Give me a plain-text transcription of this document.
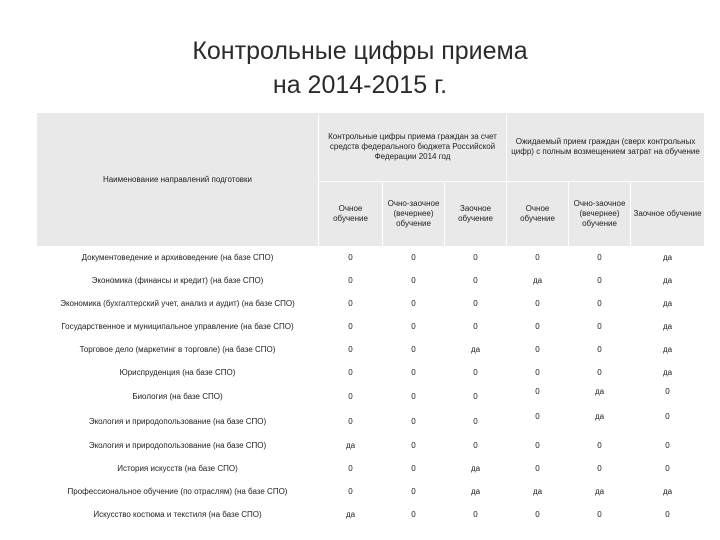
Контрольные цифры приема
на 2014-2015 г.
Наименование направлений подготовки	Контрольные цифры приема граждан за счет средств федерального бюджета Российской Федерации 2014 год			Ожидаемый прием граждан (сверх контрольных цифр) с полным возмещением затрат на обучение		
	Очное обучение	Очно-заочное (вечернее) обучение	Заочное обучение	Очное обучение	Очно-заочное (вечернее) обучение	Заочное обучение
Документоведение и архивоведение (на базе СПО)	0	0	0	0	0	да
Экономика (финансы и кредит) (на базе СПО)	0	0	0	да	0	да
Экономика (бухгалтерский учет, анализ и аудит) (на базе СПО)	0	0	0	0	0	да
Государственное и муниципальное управление (на базе СПО)	0	0	0	0	0	да
Торговое дело (маркетинг в торговле) (на базе СПО)	0	0	да	0	0	да
Юриспруденция (на базе СПО)	0	0	0	0	0	да
Биология (на базе СПО)	0	0	0	0	да	0
Экология и природопользование (на базе СПО)	0	0	0	0	да	0
Экология и природопользование (на базе СПО)	да	0	0	0	0	0
История искусств (на базе СПО)	0	0	да	0	0	0
Профессиональное обучение (по отраслям) (на базе СПО)	0	0	да	да	да	да
Искусство костюма и текстиля (на базе СПО)	да	0	0	0	0	0
